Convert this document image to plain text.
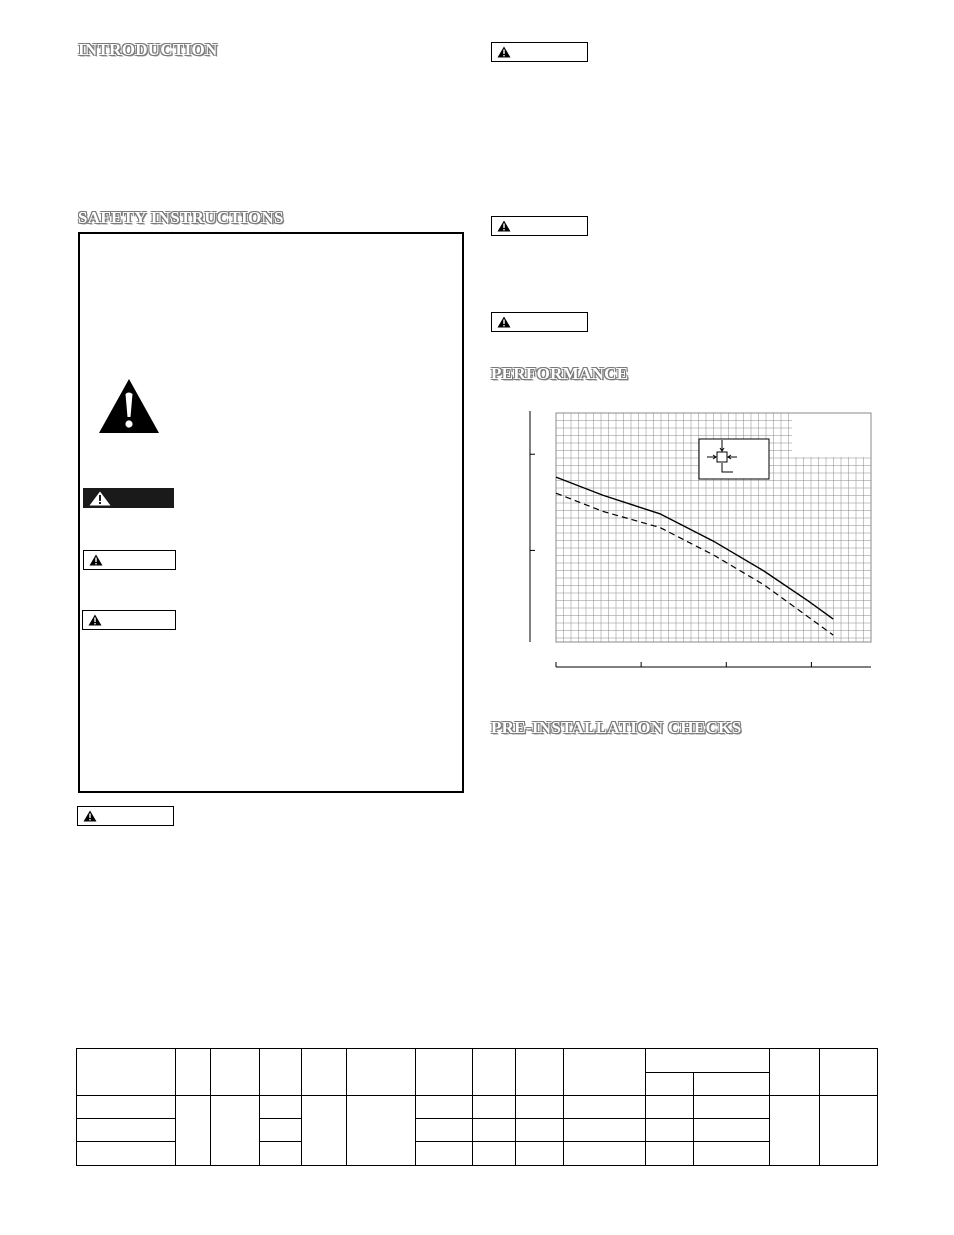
INTRODUCTION
SAFETY INSTRUCTIONS
PERFORMANCE
PRE-INSTALLATION CHECKS
